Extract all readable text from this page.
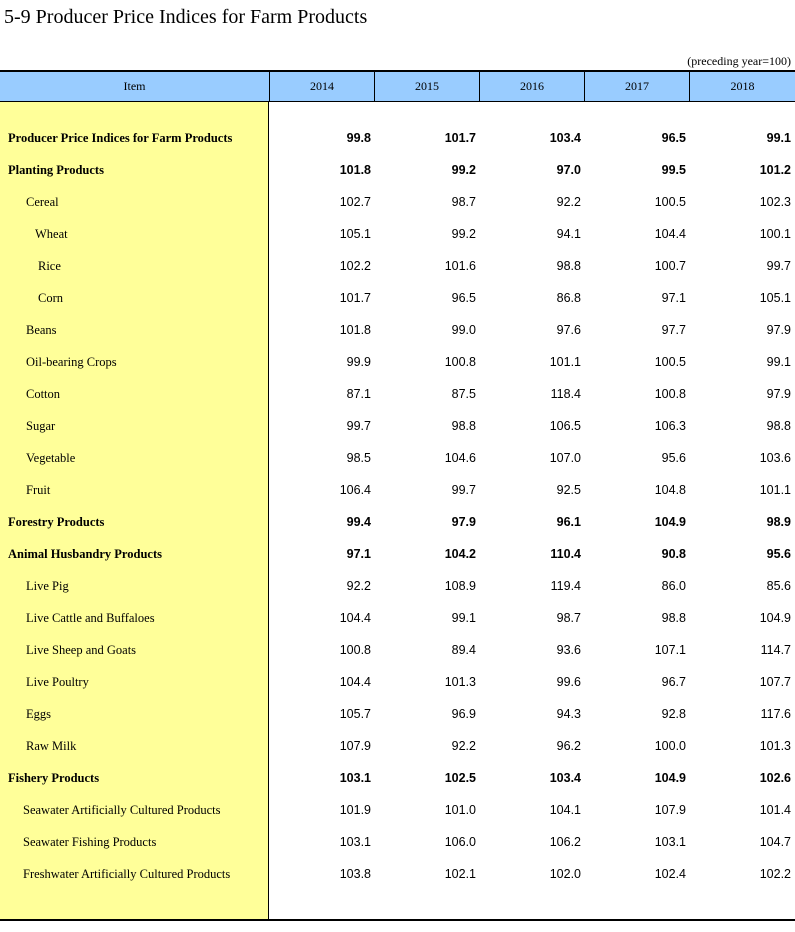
5-9 Producer Price Indices for Farm Products
(preceding year=100)
Item	2014	2015	2016	2017	2018
Producer Price Indices for Farm Products	99.8	101.7	103.4	96.5	99.1
Planting Products	101.8	99.2	97.0	99.5	101.2
Cereal	102.7	98.7	92.2	100.5	102.3
Wheat	105.1	99.2	94.1	104.4	100.1
Rice	102.2	101.6	98.8	100.7	99.7
Corn	101.7	96.5	86.8	97.1	105.1
Beans	101.8	99.0	97.6	97.7	97.9
Oil-bearing Crops	99.9	100.8	101.1	100.5	99.1
Cotton	87.1	87.5	118.4	100.8	97.9
Sugar	99.7	98.8	106.5	106.3	98.8
Vegetable	98.5	104.6	107.0	95.6	103.6
Fruit	106.4	99.7	92.5	104.8	101.1
Forestry Products	99.4	97.9	96.1	104.9	98.9
Animal Husbandry Products	97.1	104.2	110.4	90.8	95.6
Live Pig	92.2	108.9	119.4	86.0	85.6
Live Cattle and Buffaloes	104.4	99.1	98.7	98.8	104.9
Live Sheep and Goats	100.8	89.4	93.6	107.1	114.7
Live Poultry	104.4	101.3	99.6	96.7	107.7
Eggs	105.7	96.9	94.3	92.8	117.6
Raw Milk	107.9	92.2	96.2	100.0	101.3
Fishery Products	103.1	102.5	103.4	104.9	102.6
Seawater Artificially Cultured Products	101.9	101.0	104.1	107.9	101.4
Seawater Fishing Products	103.1	106.0	106.2	103.1	104.7
Freshwater Artificially Cultured Products	103.8	102.1	102.0	102.4	102.2
